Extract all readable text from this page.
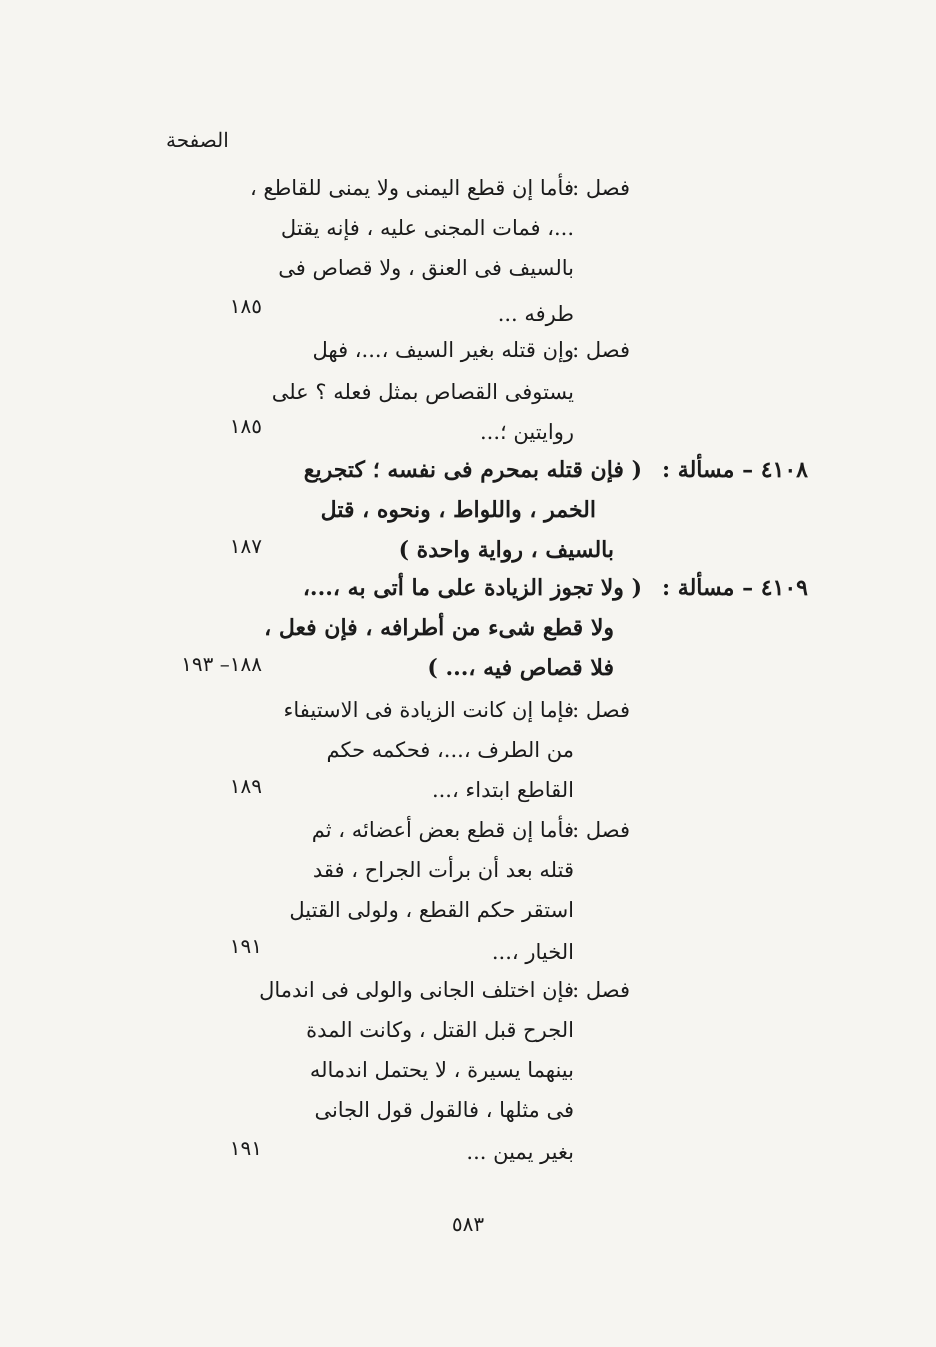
الصفحة
فصل :
فأما إن قطع اليمنى ولا يمنى للقاطع ،
...، فمات المجنى عليه ، فإنه يقتل
بالسيف فى العنق ، ولا قصاص فى
طرفه ...
١٨٥
فصل :
وإن قتله بغير السيف ،...، فهل
يستوفى القصاص بمثل فعله ؟ على
روايتين ؛...
١٨٥
٤١٠٨ – مسألة :
( فإن قتله بمحرم فى نفسه ؛ كتجريع
الخمر ، واللواط ، ونحوه ، قتل
بالسيف ، رواية واحدة )
١٨٧
٤١٠٩ – مسألة :
( ولا تجوز الزيادة على ما أتى به ،...،
ولا قطع شىء من أطرافه ، فإن فعل ،
فلا قصاص فيه ،... )
١٨٨– ١٩٣
فصل :
فإما إن كانت الزيادة فى الاستيفاء
من الطرف ،...، فحكمه حكم
القاطع ابتداء ،...
١٨٩
فصل :
فأما إن قطع بعض أعضائه ، ثم
قتله بعد أن برأت الجراح ، فقد
استقر حكم القطع ، ولولى القتيل
الخيار ،...
١٩١
فصل :
فإن اختلف الجانى والولى فى اندمال
الجرح قبل القتل ، وكانت المدة
بينهما يسيرة ، لا يحتمل اندماله
فى مثلها ، فالقول قول الجانى
بغير يمين ...
١٩١
٥٨٣
